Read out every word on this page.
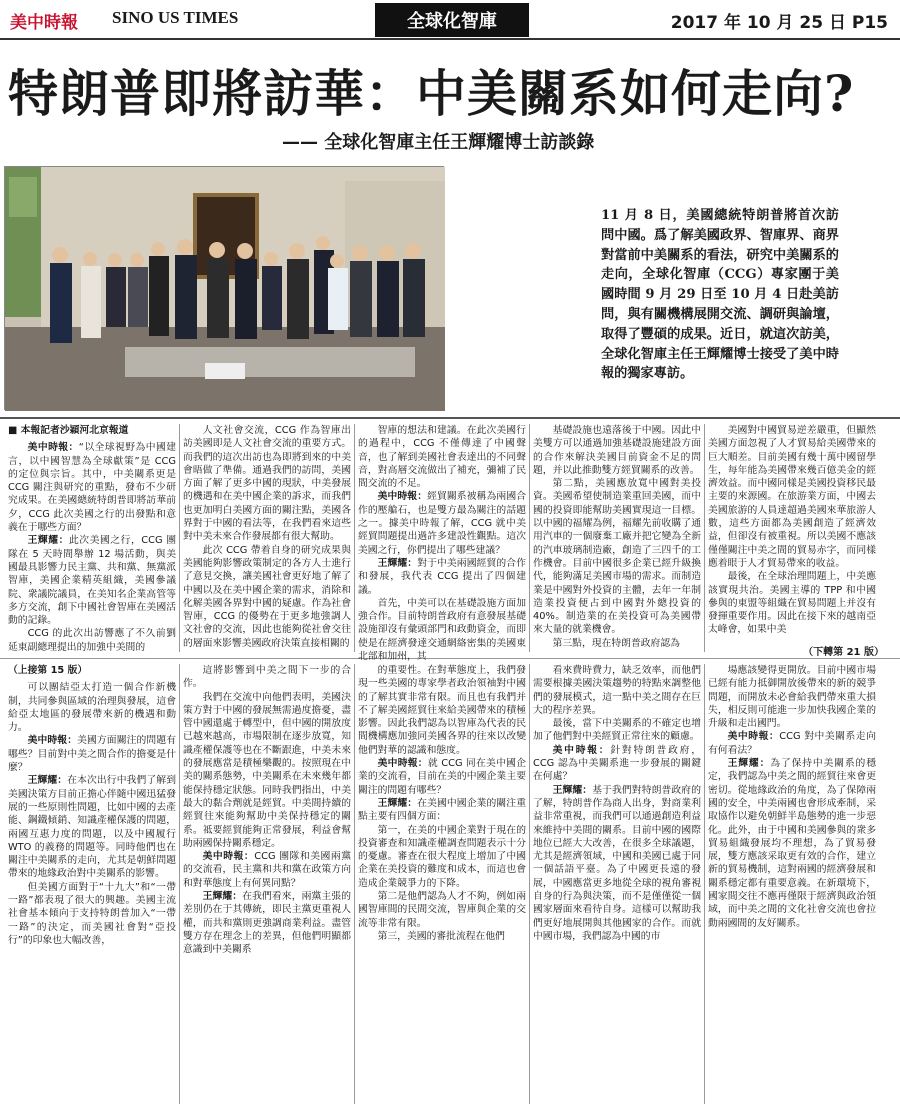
美中時報 SINO US TIMES	全球化智庫	2017 年 10 月 25 日 P15
特朗普即將訪華：中美關系如何走向?
—— 全球化智庫主任王輝耀博士訪談錄
11 月 8 日，美國總統特朗普將首次訪問中國。爲了解美國政界、智庫界、商界對當前中美關系的看法，研究中美關系的走向，全球化智庫（CCG）專家團于美國時間 9 月 29 日至 10 月 4 日赴美訪問，與有關機構展開交流、調研與論壇，取得了豐碩的成果。近日，就這次訪美，全球化智庫主任王輝耀博士接受了美中時報的獨家專訪。

■ 本報記者沙穎河北京報道

美中時報：“以全球視野為中國建言，以中國智慧為全球獻策”是 CCG 的定位與宗旨。其中，中美關系更是 CCG 關注與研究的重點，發布不少研究成果。在美國總統特朗普即將訪華前夕，CCG 此次美國之行的出發點和意義在于哪些方面？

王輝耀：此次美國之行，CCG 團隊在 5 天時間舉辦 12 場活動，與美國最具影響力民主黨、共和黨、無黨派智庫，美國企業精英組織，美國參議院、衆議院議員，在美知名企業高管等多方交流，創下中國社會智庫在美國活動的記錄。

CCG 的此次出訪響應了不久前劉延東副總理提出的加強中美間的

人文社會交流，CCG 作為智庫出訪美國即是人文社會交流的重要方式。而我們的這次出訪也為即將到來的中美會晤做了準備。通過我們的訪問，美國方面了解了更多中國的現狀，中美發展的機遇和在美中國企業的訴求，而我們也更加明白美國方面的關注點，美國各界對于中國的看法等，在我們看來這些對中美未來合作發展都有很大幫助。

此次 CCG 帶着自身的研究成果與美國能夠影響政策制定的各方人士進行了意見交換，讓美國社會更好地了解了中國以及在美中國企業的需求，消除和化解美國各界對中國的疑慮。作為社會智庫，CCG 的優勢在于更多地強調人文社會的交流，因此也能夠從社會交往的層面來影響美國政府決策直接相關的

智庫的想法和建議。在此次美國行的過程中，CCG 不僅傳達了中國聲音，也了解到美國社會表達出的不同聲音，對高層交流做出了補充，彌補了民間交流的不足。

美中時報：經貿關系被稱為兩國合作的壓艙石，也是雙方最為關注的話題之一。據美中時報了解，CCG 就中美經貿問題提出過許多建設性觀點。這次美國之行，你們提出了哪些建議？

王輝耀：對于中美兩國經貿的合作和發展，我代表 CCG 提出了四個建議。

首先，中美可以在基礎設施方面加強合作。目前特朗普政府有意發展基礎設施卻沒有彙頭部門和政動資金，而即使是在經濟發達交通網絡密集的美國東北部和加州，其

基礎設施也遠落後于中國。因此中美雙方可以通過加強基礎設施建設方面的合作來解決美國目前資金不足的問題，并以此推動雙方經貿關系的改善。

第二點，美國應放寬中國對美投資。美國希望使制造業重回美國，而中國的投資即能幫助美國實現這一目標。以中國的福耀為例，福耀先前收購了通用汽車的一個廢棄工廠并把它變為全新的汽車玻璃制造廠，創造了三四千的工作機會。目前中國很多企業已經升級換代，能夠滿足美國市場的需求。而制造業是中國對外投資的主體，去年一年制造業投資便占到中國對外總投資的 40%。制造業的在美投資可為美國帶來大量的就業機會。

第三點，現在特朗普政府認為

美國對中國貿易逆差嚴重，但顯然美國方面忽視了人才貿易給美國帶來的巨大順差。目前美國有幾十萬中國留學生，每年能為美國帶來幾百億美金的經濟效益。而中國同樣是美國投資移民最主要的來源國。在旅游業方面，中國去美國旅游的人員達超過美國來華旅游人數，這些方面都為美國創造了經濟效益，但卻沒有被重視。所以美國不應該僅僅關注中美之間的貿易赤字，而同樣應着眼于人才貿易帶來的收益。

最後，在全球治理問題上，中美應該實現共治。美國主導的 TPP 和中國參與的東盟等組織在貿易問題上并沒有發揮重要作用。因此在接下來的越南亞太峰會，如果中美

（上接第 15 版）

可以團結亞太打造一個合作新機制，共同參與區域的治理與發展，這會給亞太地區的發展帶來新的機遇和動力。

美中時報：美國方面關注的問題有哪些？目前對中美之間合作的擔憂是什麼？

王輝耀：在本次出行中我們了解到美國決策方目前正擔心伴隨中國迅猛發展的一些原則性問題，比如中國的去產能、鋼鐵傾銷、知識產權保護的問題，兩國互惠力度的問題，以及中國履行 WTO 的義務的問題等。同時他們也在關注中美關系的走向，尤其是朝鮮問題帶來的地緣政治對中美關系的影響。

但美國方面對于“十九大”和“一帶一路”都表現了很大的興趣。美國主流社會基本傾向于支持特朗普加入“一帶一路”的決定，而美國社會對“亞投行”的印象也大幅改善，

這將影響到中美之間下一步的合作。

我們在交流中向他們表明，美國決策方對于中國的發展無需過度擔憂，盡管中國還處于轉型中，但中國的開放度已越來越高，市場限制在逐步放寬，知識產權保護等也在不斷跟進，中美未來的發展應當是積極樂觀的。按照現在中美的關系態勢，中美關系在未來幾年都能保持穩定狀態。同時我們指出，中美最大的黏合劑就是經貿。中美間持續的經貿往來能夠幫助中美保持穩定的關系。祗要經貿能夠正常發展，利益會幫助兩國保持關系穩定。

美中時報：CCG 團隊和美國兩黨的交流看，民主黨和共和黨在政策方向和對華態度上有何異同點？

王輝耀：在我們看來，兩黨主張的差別仍在于其傳統，即民主黨更重視人權，而共和黨則更強調商業利益。盡管雙方存在理念上的差異，但他們明顯都意識到中美關系

的重要性。在對華態度上，我們發現一些美國的專家學者政治領袖對中國的了解其實非常有限。而且也有我們并不了解美國經貿往來給美國帶來的積極影響。因此我們認為以智庫為代表的民間機構應加強同美國各界的往來以改變他們對華的認識和態度。

美中時報：就 CCG 同在美中國企業的交流看，目前在美的中國企業主要關注的問題有哪些？

王輝耀：在美國中國企業的關注重點主要有四個方面：

第一，在美的中國企業對于現在的投資審查和知識產權調查問題表示十分的憂慮。審查在很大程度上增加了中國企業在美投資的難度和成本，而這也會造成企業競爭力的下降。

第二是他們認為人才不夠，例如兩國智庫間的民間交流，智庫與企業的交流等非常有限。

第三，美國的審批流程在他們

看來費時費力，缺乏效率，而他們需要根據美國決策趨勢的特點來調整他們的發展模式，這一點中美之間存在巨大的程序差異。

最後，當下中美關系的不確定也增加了他們對中美經貿正常往來的顧慮。

美中時報：針對特朗普政府，CCG 認為中美關系進一步發展的關鍵在何處？

王輝耀：基于我們對特朗普政府的了解，特朗普作為商人出身，對商業利益非常重視，而我們可以通過創造利益來維持中美間的關系。目前中國的國際地位已經大大改善，在很多全球議題，尤其是經濟領域，中國和美國已處于同一個話語平臺。為了中國更長遠的發展，中國應當更多地從全球的視角審視自身的行為與決策，而不是僅僅從一個國家層面來看待自身。這樣可以幫助我們更好地展開與其他國家的合作。而就中國市場，我們認為中國的市

場應該變得更開放。目前中國市場已經有能力抵御開放後帶來的新的競爭問題，而開放未必會給我們帶來重大損失，相反則可能進一步加快我國企業的升級和走出國門。

美中時報：CCG 對中美關系走向有何看法？

王輝耀：為了保持中美關系的穩定，我們認為中美之間的經貿往來會更密切。從地緣政治的角度，為了保障兩國的安全，中美兩國也會形成牽制，采取協作以避免朝鮮半島態勢的進一步惡化。此外，由于中國和美國參與的衆多貿易組織發展均不理想，為了貿易發展，雙方應該采取更有效的合作，建立新的貿易機制，這對兩國的經濟發展和關系穩定都有重要意義。在新環境下，國家間交往不應再僅限于經濟與政治領域，而中美之間的文化社會交流也會拉動兩國間的友好關系。

（下轉第 21 版）
